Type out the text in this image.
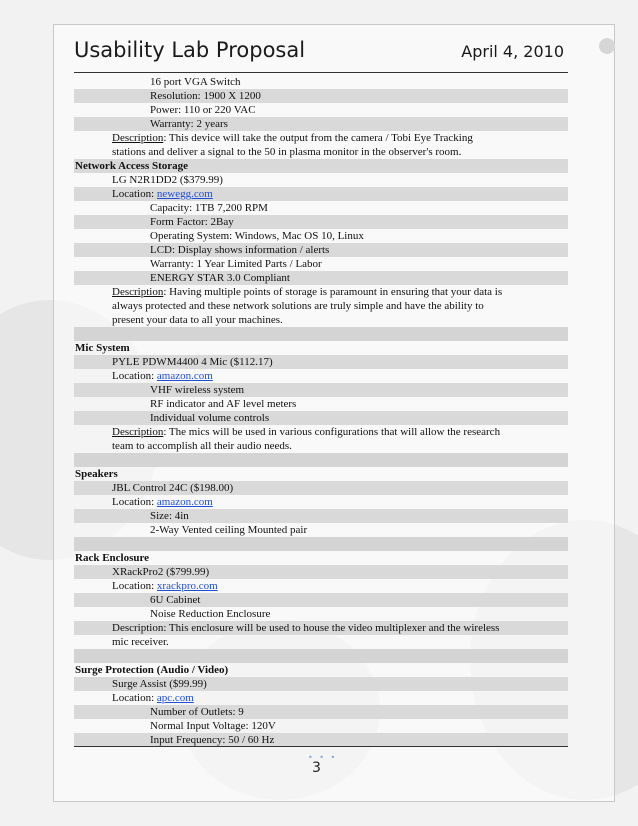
Usability Lab Proposal	April 4, 2010
16 port VGA Switch
Resolution: 1900 X 1200
Power: 110 or 220 VAC
Warranty: 2 years
Description: This device will take the output from the camera / Tobi Eye Tracking
stations and deliver a signal to the 50 in plasma monitor in the observer's room.
Network Access Storage
LG N2R1DD2 ($379.99)
Location: newegg.com
Capacity: 1TB 7,200 RPM
Form Factor: 2Bay
Operating System: Windows, Mac OS 10, Linux
LCD: Display shows information / alerts
Warranty: 1 Year Limited Parts / Labor
ENERGY STAR 3.0 Compliant
Description: Having multiple points of storage is paramount in ensuring that your data is
always protected and these network solutions are truly simple and have the ability to
present your data to all your machines.
Mic System
PYLE PDWM4400 4 Mic ($112.17)
Location: amazon.com
VHF wireless system
RF indicator and AF level meters
Individual volume controls
Description: The mics will be used in various configurations that will allow the research
team to accomplish all their audio needs.
Speakers
JBL Control 24C ($198.00)
Location: amazon.com
Size: 4in
2-Way Vented ceiling Mounted pair
Rack Enclosure
XRackPro2 ($799.99)
Location: xrackpro.com
6U Cabinet
Noise Reduction Enclosure
Description: This enclosure will be used to house the video multiplexer and the wireless
mic receiver.
Surge Protection (Audio / Video)
Surge Assist ($99.99)
Location: apc.com
Number of Outlets: 9
Normal Input Voltage: 120V
Input Frequency: 50 / 60 Hz
• • •
3
